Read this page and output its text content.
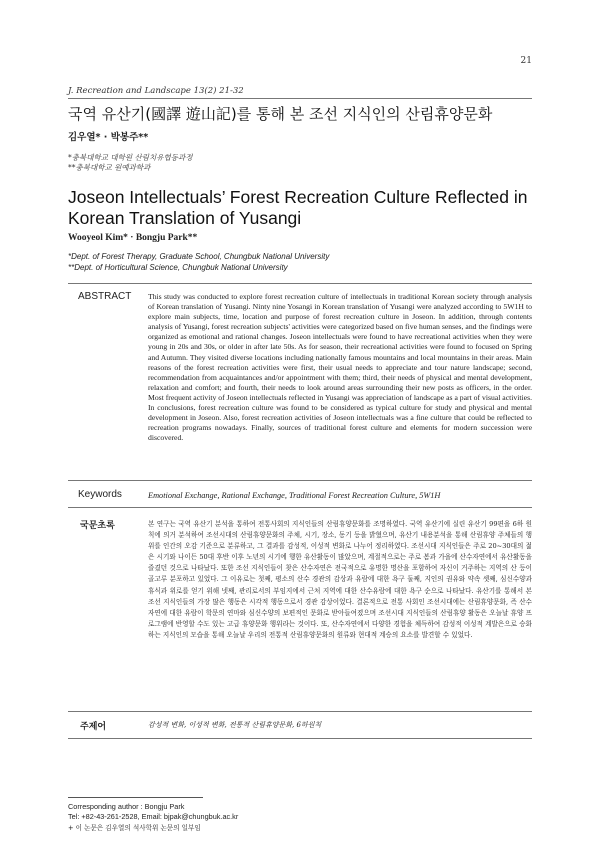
21
J. Recreation and Landscape 13(2) 21-32
국역 유산기(國譯 遊山記)를 통해 본 조선 지식인의 산림휴양문화
김우열* · 박봉주**
*충북대학교 대학원 산림치유협동과정
**충북대학교 원예과학과
Joseon Intellectuals’ Forest Recreation Culture Reflected in Korean Translation of Yusangi
Wooyeol Kim* · Bongju Park**
*Dept. of Forest Therapy, Graduate School, Chungbuk National University
**Dept. of Horticultural Science, Chungbuk National University
ABSTRACT This study was conducted to explore forest recreation culture of intellectuals in traditional Korean society through analysis of Korean translation of Yusangi. Ninty nine Yosangi in Korean translation of Yusangi were analyzed according to 5W1H to explore main subjects, time, location and purpose of forest recreation culture in Joseon. In addition, through contents analysis of Yusangi, forest recreation subjects' activities were categorized based on five human senses, and the findings were organized as emotional and rational changes. Joseon intellectuals were found to have recreational activities when they were young in 20s and 30s, or older in after late 50s. As for season, their recreational activities were found to focused on Spring and Autumn. They visited diverse locations including nationally famous mountains and local mountains in their areas. Main reasons of the forest recreation activities were first, their usual needs to appreciate and tour nature landscape; second, recommendation from acquaintances and/or appointment with them; third, their needs of physical and mental development, relaxation and comfort; and fourth, their needs to look around areas surrounding their new posts as officers, in the order. Most frequent activity of Joseon intellectuals reflected in Yusangi was appreciation of landscape as a part of visual activities. In conclusions, forest recreation culture was found to be considered as typical culture for study and physical and mental development in Joseon. Also, forest recreation activities of Joseon intellectuals was a fine culture that could be reflected to recreation programs nowadays. Finally, sources of traditional forest culture and elements for modern succession were discovered.
Keywords	Emotional Exchange, Rational Exchange, Traditional Forest Recreation Culture, 5W1H
국문초록	본 연구는 국역 유산기 분석을 통하여 전통사회의 지식인들의 산림휴양문화를 조명하였다. 국역 유산기에 실린 유산기 99편을 6하 원칙에 의거 분석하여 조선시대의 산림휴양문화의 주체, 시기, 장소, 동기 등을 밝혔으며, 유산기 내용분석을 통해 산림휴양 주체들의 행위를 인간의 오감 기준으로 분류하고, 그 결과를 감성적, 이성적 변화로 나누어 정리하였다. 조선시대 지식인들은 주로 20~30대의 젊은 시기와 나이든 50대 후반 이후 노년의 시기에 행한 유산활동이 많았으며, 계절적으로는 주로 봄과 가을에 산수자연에서 유산활동을 즐겼던 것으로 나타났다. 또한 조선 지식인들이 찾은 산수자연은 전국적으로 유명한 명산을 포함하여 자신이 거주하는 지역의 산 등이 골고루 분포하고 있었다. 그 이유로는 첫째, 평소의 산수 경관의 감상과 유람에 대한 욕구 둘째, 지인의 권유와 약속 셋째, 심신수양과 휴식과 위로를 얻기 위해 넷째, 관리로서의 부임지에서 근처 지역에 대한 산수유람에 대한 욕구 순으로 나타났다. 유산기를 통해서 본 조선 지식인들의 가장 많은 행동은 시각적 행동으로서 경관 감상이었다. 결론적으로 전통 사회인 조선시대에는 산림휴양문화, 즉 산수자연에 대한 유람이 학문의 연마와 심신수양의 보편적인 문화로 받아들여졌으며 조선시대 지식인들의 산림휴양 활동은 오늘날 휴양 프로그램에 반영할 수도 있는 고급 휴양문화 행위라는 것이다. 또, 산수자연에서 다양한 경험을 체득하여 감성적 이성적 계발은으로 승화하는 지식인의 모습을 통해 오늘날 우리의 전통적 산림휴양문화의 원류와 현대적 계승의 요소를 발견할 수 있었다.
주제어	감성적 변화, 이성적 변화, 전통적 산림휴양문화, 6하원칙
Corresponding author : Bongju Park
Tel: +82-43-261-2528, Email: bjpak@chungbuk.ac.kr
+ 이 논문은 김우열의 석사학위 논문의 일부임
